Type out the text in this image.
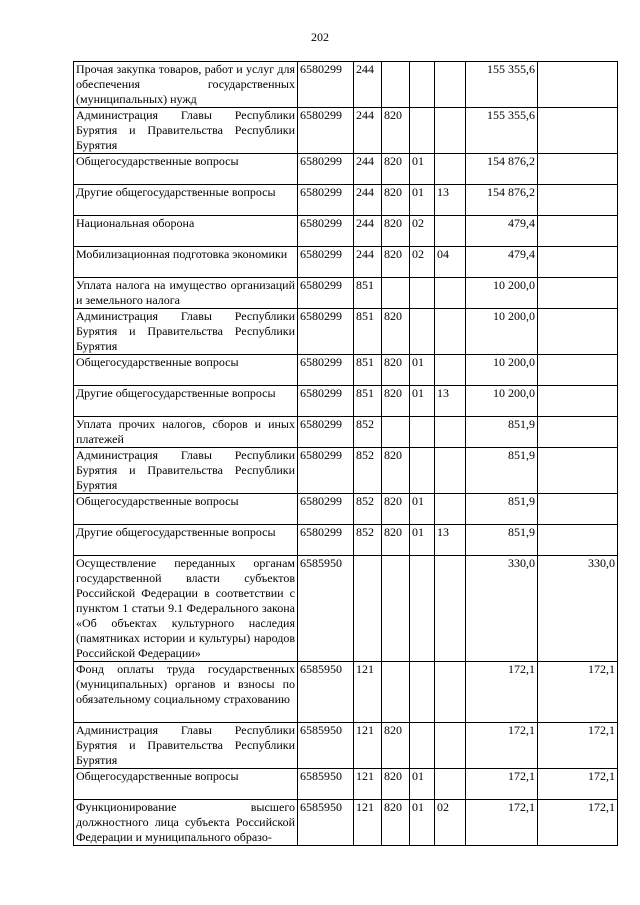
202
Прочая закупка товаров, работ и услуг для обеспечения государственных (муниципальных) нужд	6580299	244				155 355,6	
Администрация Главы Республики Бурятия и Правительства Республики Бурятия	6580299	244	820			155 355,6	
Общегосударственные вопросы	6580299	244	820	01		154 876,2	
Другие общегосударственные вопросы	6580299	244	820	01	13	154 876,2	
Национальная оборона	6580299	244	820	02		479,4	
Мобилизационная подготовка экономики	6580299	244	820	02	04	479,4	
Уплата налога на имущество организаций и земельного налога	6580299	851				10 200,0	
Администрация Главы Республики Бурятия и Правительства Республики Бурятия	6580299	851	820			10 200,0	
Общегосударственные вопросы	6580299	851	820	01		10 200,0	
Другие общегосударственные вопросы	6580299	851	820	01	13	10 200,0	
Уплата прочих налогов, сборов и иных платежей	6580299	852				851,9	
Администрация Главы Республики Бурятия и Правительства Республики Бурятия	6580299	852	820			851,9	
Общегосударственные вопросы	6580299	852	820	01		851,9	
Другие общегосударственные вопросы	6580299	852	820	01	13	851,9	
Осуществление переданных органам государственной власти субъектов Российской Федерации в соответствии с пунктом 1 статьи 9.1 Федерального закона «Об объектах культурного наследия (памятниках истории и культуры) народов Российской Федерации»	6585950					330,0	330,0
Фонд оплаты труда государственных (муниципальных) органов и взносы по обязательному социальному страхованию	6585950	121				172,1	172,1
Администрация Главы Республики Бурятия и Правительства Республики Бурятия	6585950	121	820			172,1	172,1
Общегосударственные вопросы	6585950	121	820	01		172,1	172,1
Функционирование высшего должностного лица субъекта Российской Федерации и муниципального образо-	6585950	121	820	01	02	172,1	172,1
